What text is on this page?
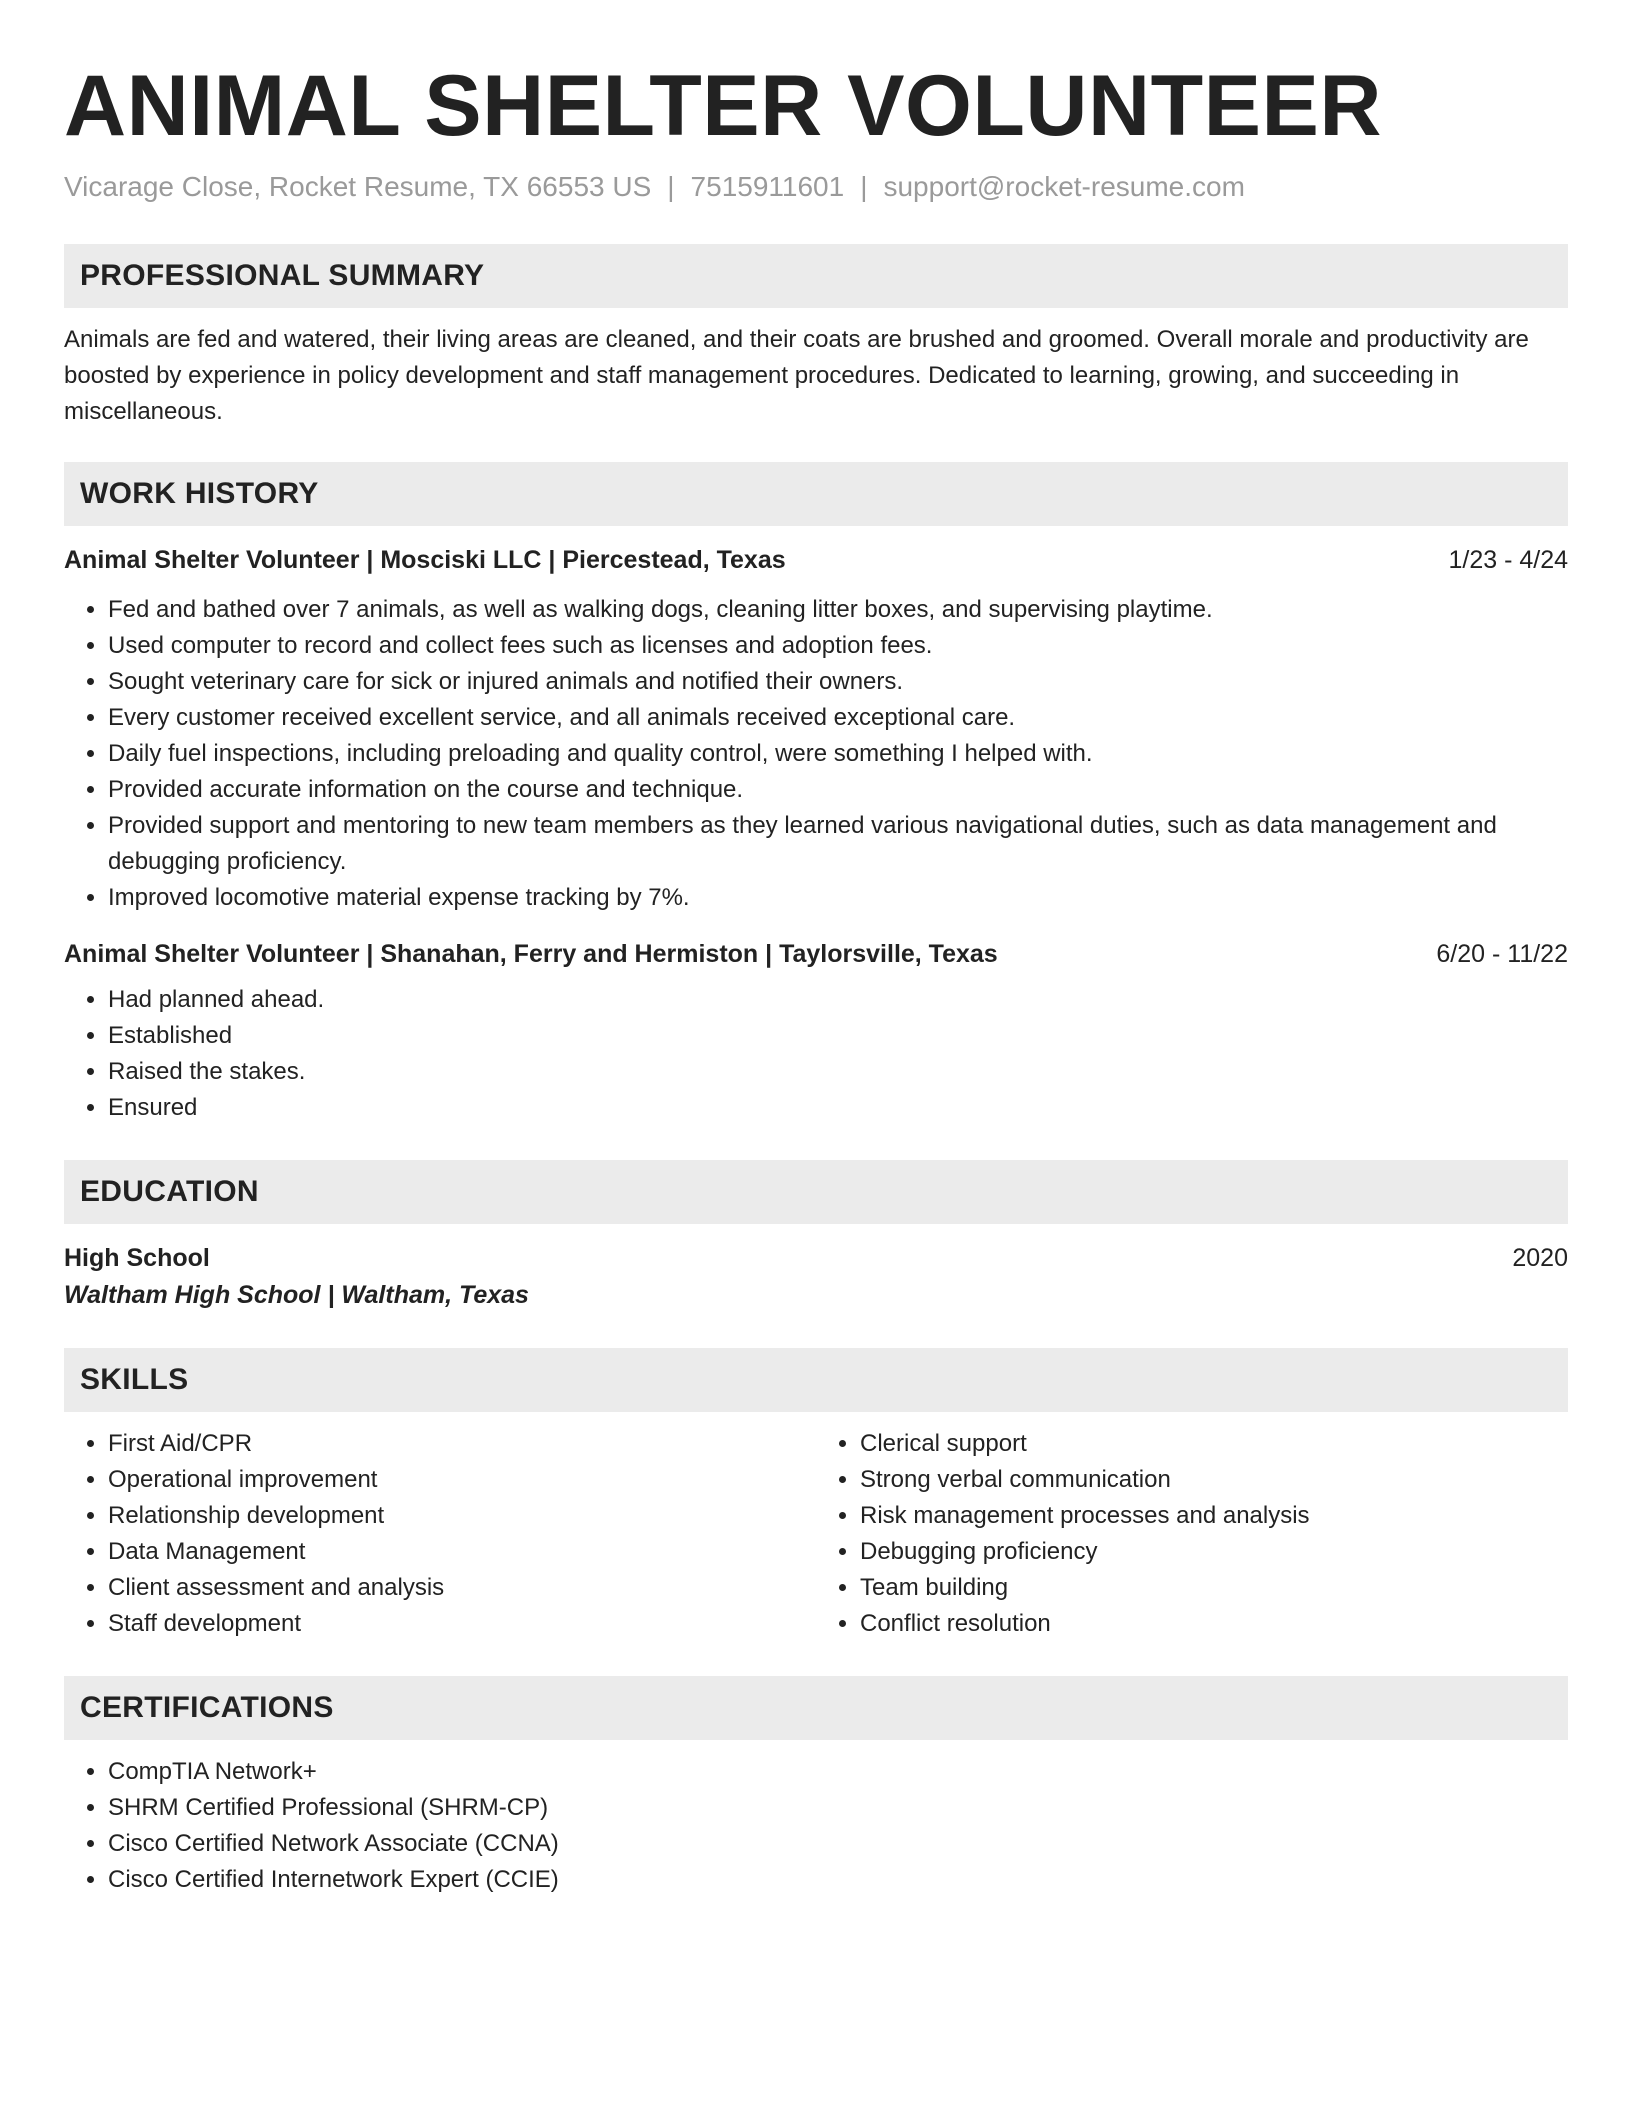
ANIMAL SHELTER VOLUNTEER
Vicarage Close, Rocket Resume, TX 66553 US | 7515911601 | support@rocket-resume.com
PROFESSIONAL SUMMARY
Animals are fed and watered, their living areas are cleaned, and their coats are brushed and groomed. Overall morale and productivity are boosted by experience in policy development and staff management procedures. Dedicated to learning, growing, and succeeding in miscellaneous.
WORK HISTORY
Animal Shelter Volunteer | Mosciski LLC | Piercestead, Texas	1/23 - 4/24
• Fed and bathed over 7 animals, as well as walking dogs, cleaning litter boxes, and supervising playtime.
• Used computer to record and collect fees such as licenses and adoption fees.
• Sought veterinary care for sick or injured animals and notified their owners.
• Every customer received excellent service, and all animals received exceptional care.
• Daily fuel inspections, including preloading and quality control, were something I helped with.
• Provided accurate information on the course and technique.
• Provided support and mentoring to new team members as they learned various navigational duties, such as data management and debugging proficiency.
• Improved locomotive material expense tracking by 7%.
Animal Shelter Volunteer | Shanahan, Ferry and Hermiston | Taylorsville, Texas	6/20 - 11/22
• Had planned ahead.
• Established
• Raised the stakes.
• Ensured
EDUCATION
High School	2020
Waltham High School | Waltham, Texas
SKILLS
• First Aid/CPR
• Operational improvement
• Relationship development
• Data Management
• Client assessment and analysis
• Staff development
• Clerical support
• Strong verbal communication
• Risk management processes and analysis
• Debugging proficiency
• Team building
• Conflict resolution
CERTIFICATIONS
• CompTIA Network+
• SHRM Certified Professional (SHRM-CP)
• Cisco Certified Network Associate (CCNA)
• Cisco Certified Internetwork Expert (CCIE)
